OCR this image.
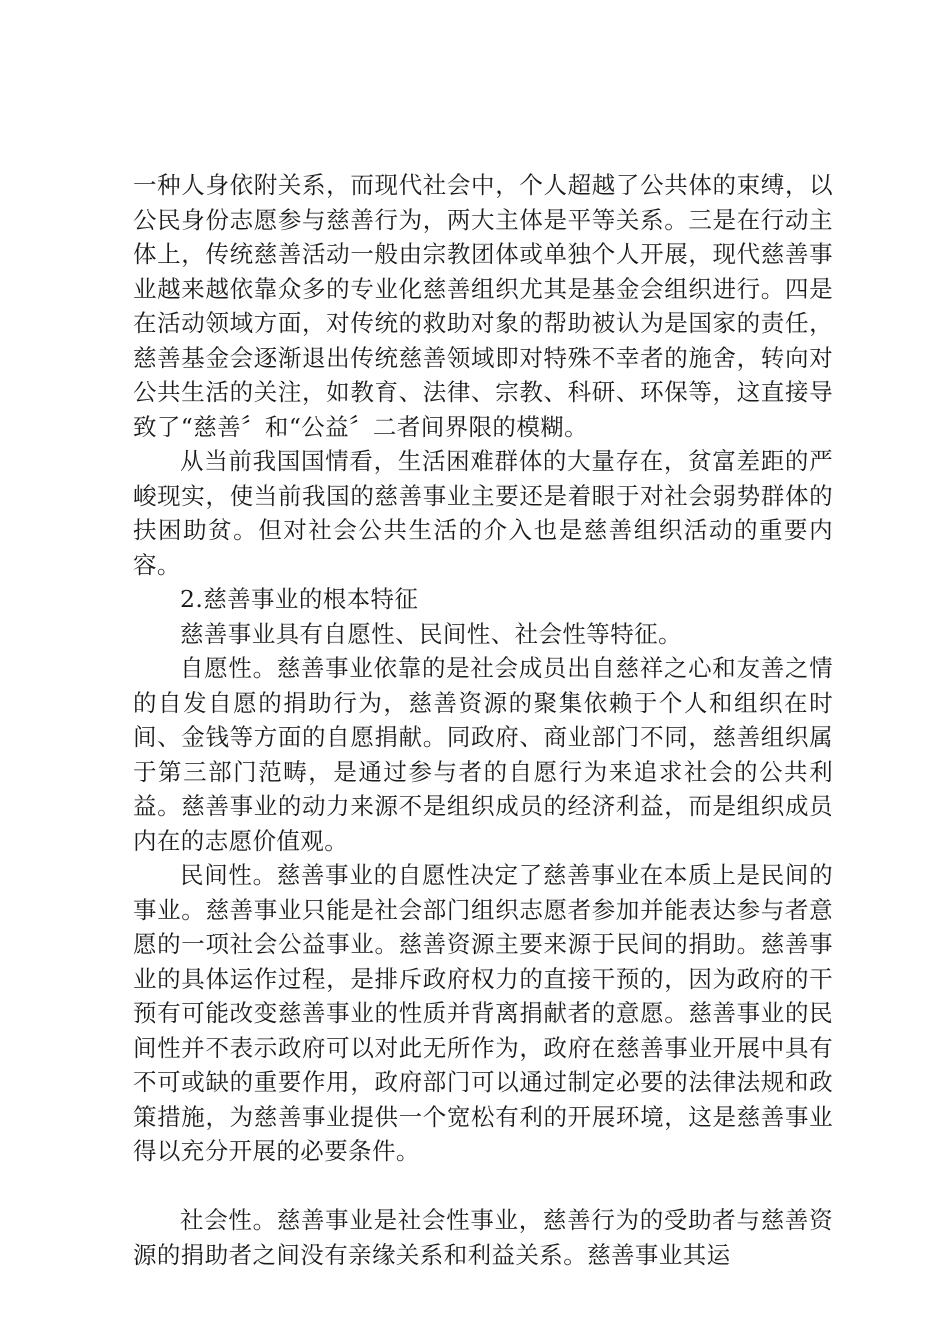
一种人身依附关系，而现代社会中，个人超越了公共体的束缚，以公民身份志愿参与慈善行为，两大主体是平等关系。三是在行动主体上，传统慈善活动一般由宗教团体或单独个人开展，现代慈善事业越来越依靠众多的专业化慈善组织尤其是基金会组织进行。四是在活动领域方面，对传统的救助对象的帮助被认为是国家的责任，慈善基金会逐渐退出传统慈善领域即对特殊不幸者的施舍，转向对公共生活的关注，如教育、法律、宗教、科研、环保等，这直接导致了“慈善〞和“公益〞二者间界限的模糊。

从当前我国国情看，生活困难群体的大量存在，贫富差距的严峻现实，使当前我国的慈善事业主要还是着眼于对社会弱势群体的扶困助贫。但对社会公共生活的介入也是慈善组织活动的重要内容。

2.慈善事业的根本特征

慈善事业具有自愿性、民间性、社会性等特征。

自愿性。慈善事业依靠的是社会成员出自慈祥之心和友善之情的自发自愿的捐助行为，慈善资源的聚集依赖于个人和组织在时间、金钱等方面的自愿捐献。同政府、商业部门不同，慈善组织属于第三部门范畴，是通过参与者的自愿行为来追求社会的公共利益。慈善事业的动力来源不是组织成员的经济利益，而是组织成员内在的志愿价值观。

民间性。慈善事业的自愿性决定了慈善事业在本质上是民间的事业。慈善事业只能是社会部门组织志愿者参加并能表达参与者意愿的一项社会公益事业。慈善资源主要来源于民间的捐助。慈善事业的具体运作过程，是排斥政府权力的直接干预的，因为政府的干预有可能改变慈善事业的性质并背离捐献者的意愿。慈善事业的民间性并不表示政府可以对此无所作为，政府在慈善事业开展中具有不可或缺的重要作用，政府部门可以通过制定必要的法律法规和政策措施，为慈善事业提供一个宽松有利的开展环境，这是慈善事业得以充分开展的必要条件。

社会性。慈善事业是社会性事业，慈善行为的受助者与慈善资源的捐助者之间没有亲缘关系和利益关系。慈善事业其运
